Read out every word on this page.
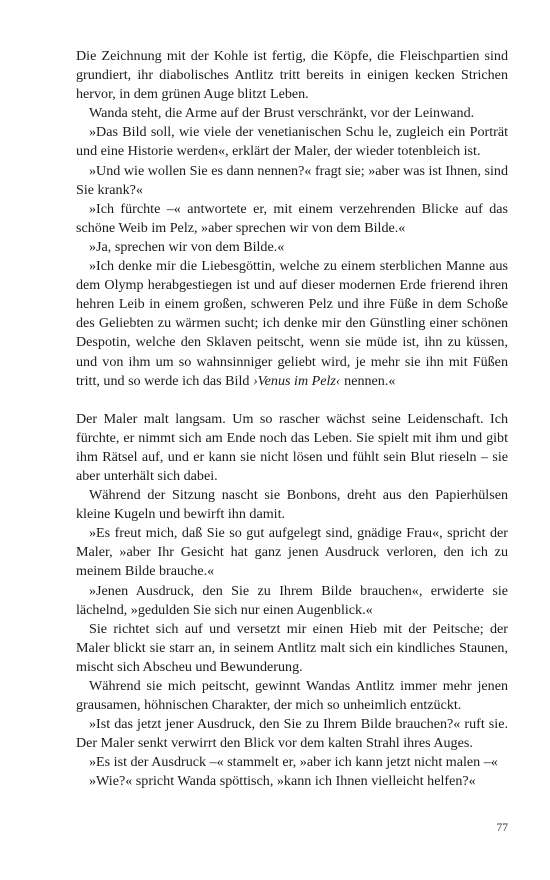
Die Zeichnung mit der Kohle ist fertig, die Köpfe, die Fleischpartien sind grundiert, ihr diabolisches Antlitz tritt bereits in einigen kecken Strichen hervor, in dem grünen Auge blitzt Leben.

Wanda steht, die Arme auf der Brust verschränkt, vor der Leinwand.

»Das Bild soll, wie viele der venetianischen Schu le, zugleich ein Porträt und eine Historie werden«, erklärt der Maler, der wieder totenbleich ist.

»Und wie wollen Sie es dann nennen?« fragt sie; »aber was ist Ihnen, sind Sie krank?«

»Ich fürchte –« antwortete er, mit einem verzehrenden Blicke auf das schöne Weib im Pelz, »aber sprechen wir von dem Bilde.«

»Ja, sprechen wir von dem Bilde.«

»Ich denke mir die Liebesgöttin, welche zu einem sterblichen Manne aus dem Olymp herabgestiegen ist und auf dieser modernen Erde frierend ihren hehren Leib in einem großen, schweren Pelz und ihre Füße in dem Schoße des Geliebten zu wärmen sucht; ich denke mir den Günstling einer schönen Despotin, welche den Sklaven peitscht, wenn sie müde ist, ihn zu küssen, und von ihm um so wahnsinniger geliebt wird, je mehr sie ihn mit Füßen tritt, und so werde ich das Bild ›Venus im Pelz‹ nennen.«

Der Maler malt langsam. Um so rascher wächst seine Leidenschaft. Ich fürchte, er nimmt sich am Ende noch das Leben. Sie spielt mit ihm und gibt ihm Rätsel auf, und er kann sie nicht lösen und fühlt sein Blut rieseln – sie aber unterhält sich dabei.

Während der Sitzung nascht sie Bonbons, dreht aus den Papierhülsen kleine Kugeln und bewirft ihn damit.

»Es freut mich, daß Sie so gut aufgelegt sind, gnädige Frau«, spricht der Maler, »aber Ihr Gesicht hat ganz jenen Ausdruck verloren, den ich zu meinem Bilde brauche.«

»Jenen Ausdruck, den Sie zu Ihrem Bilde brauchen«, erwiderte sie lächelnd, »gedulden Sie sich nur einen Augenblick.«

Sie richtet sich auf und versetzt mir einen Hieb mit der Peitsche; der Maler blickt sie starr an, in seinem Antlitz malt sich ein kindliches Staunen, mischt sich Abscheu und Bewunderung.

Während sie mich peitscht, gewinnt Wandas Antlitz immer mehr jenen grausamen, höhnischen Charakter, der mich so unheimlich entzückt.

»Ist das jetzt jener Ausdruck, den Sie zu Ihrem Bilde brauchen?« ruft sie. Der Maler senkt verwirrt den Blick vor dem kalten Strahl ihres Auges.

»Es ist der Ausdruck –« stammelt er, »aber ich kann jetzt nicht malen –«

»Wie?« spricht Wanda spöttisch, »kann ich Ihnen vielleicht helfen?«

77
